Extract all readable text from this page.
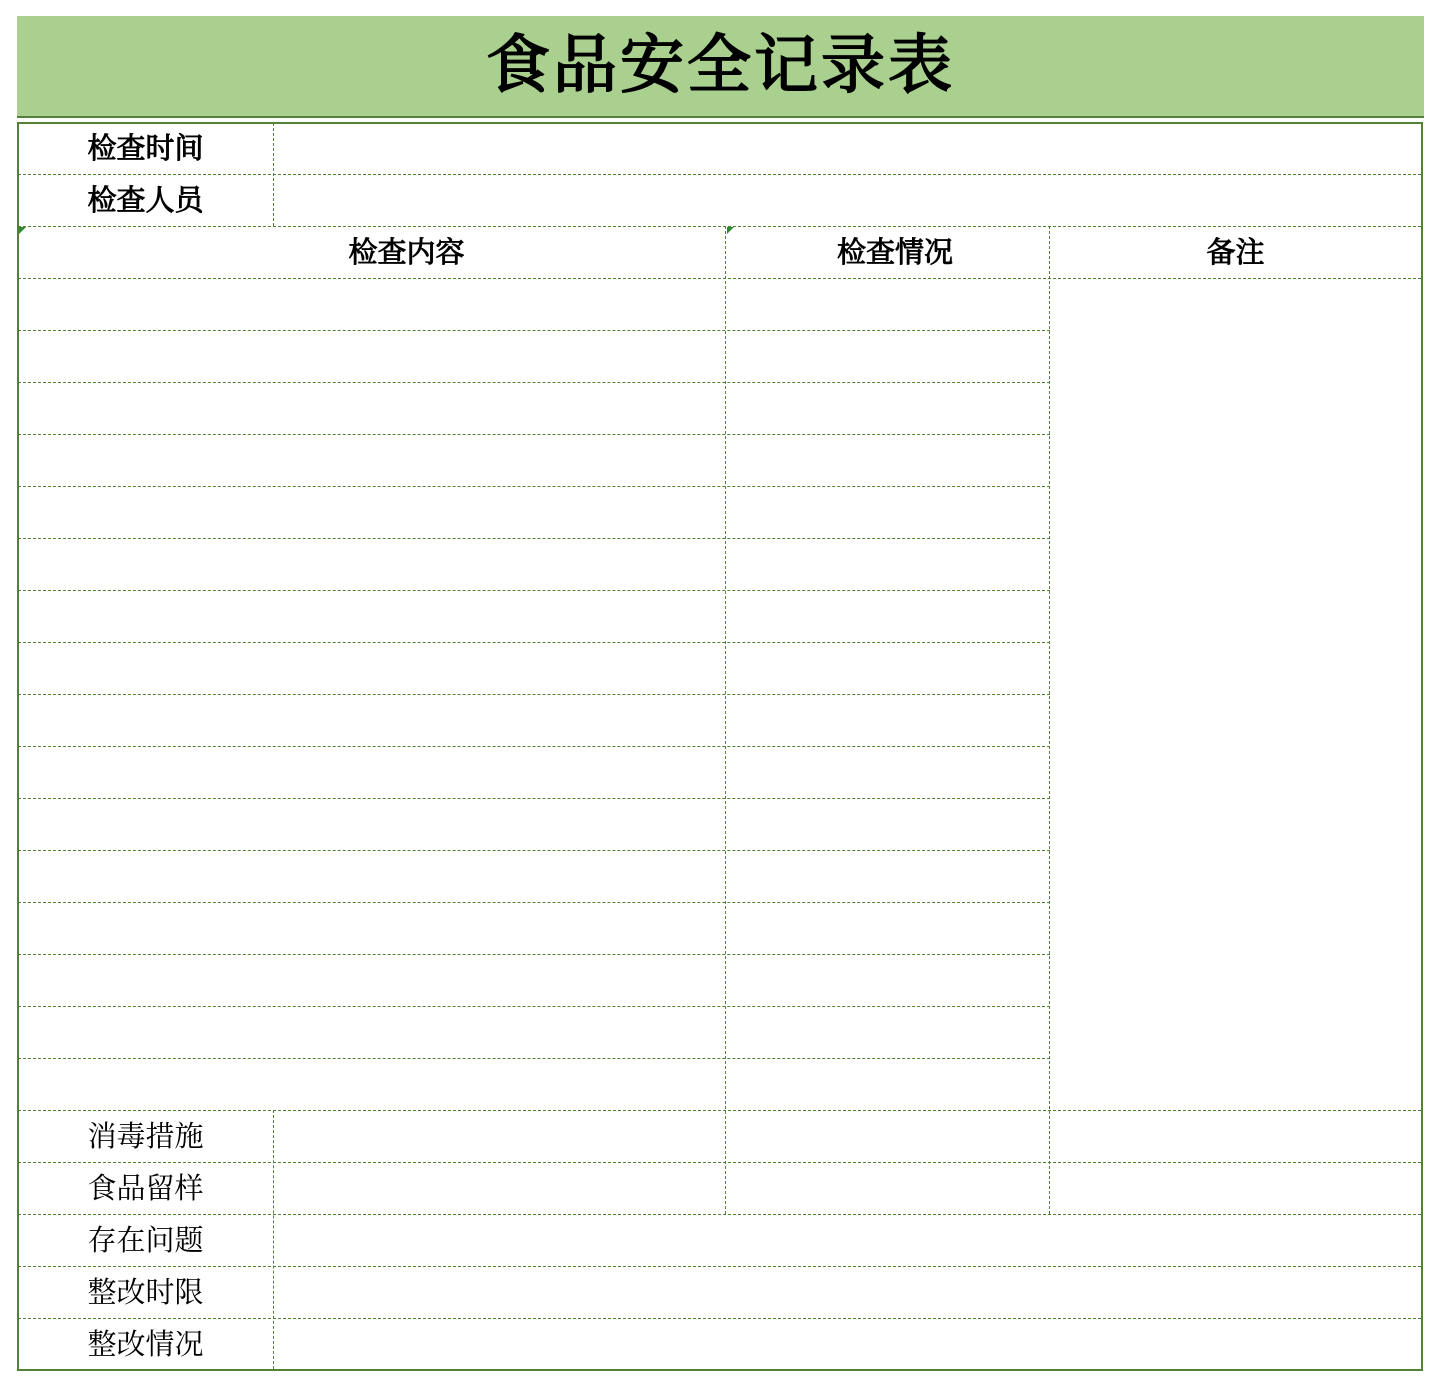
食品安全记录表
检查时间
检查人员
检查内容	检查情况	备注
消毒措施
食品留样
存在问题
整改时限
整改情况
